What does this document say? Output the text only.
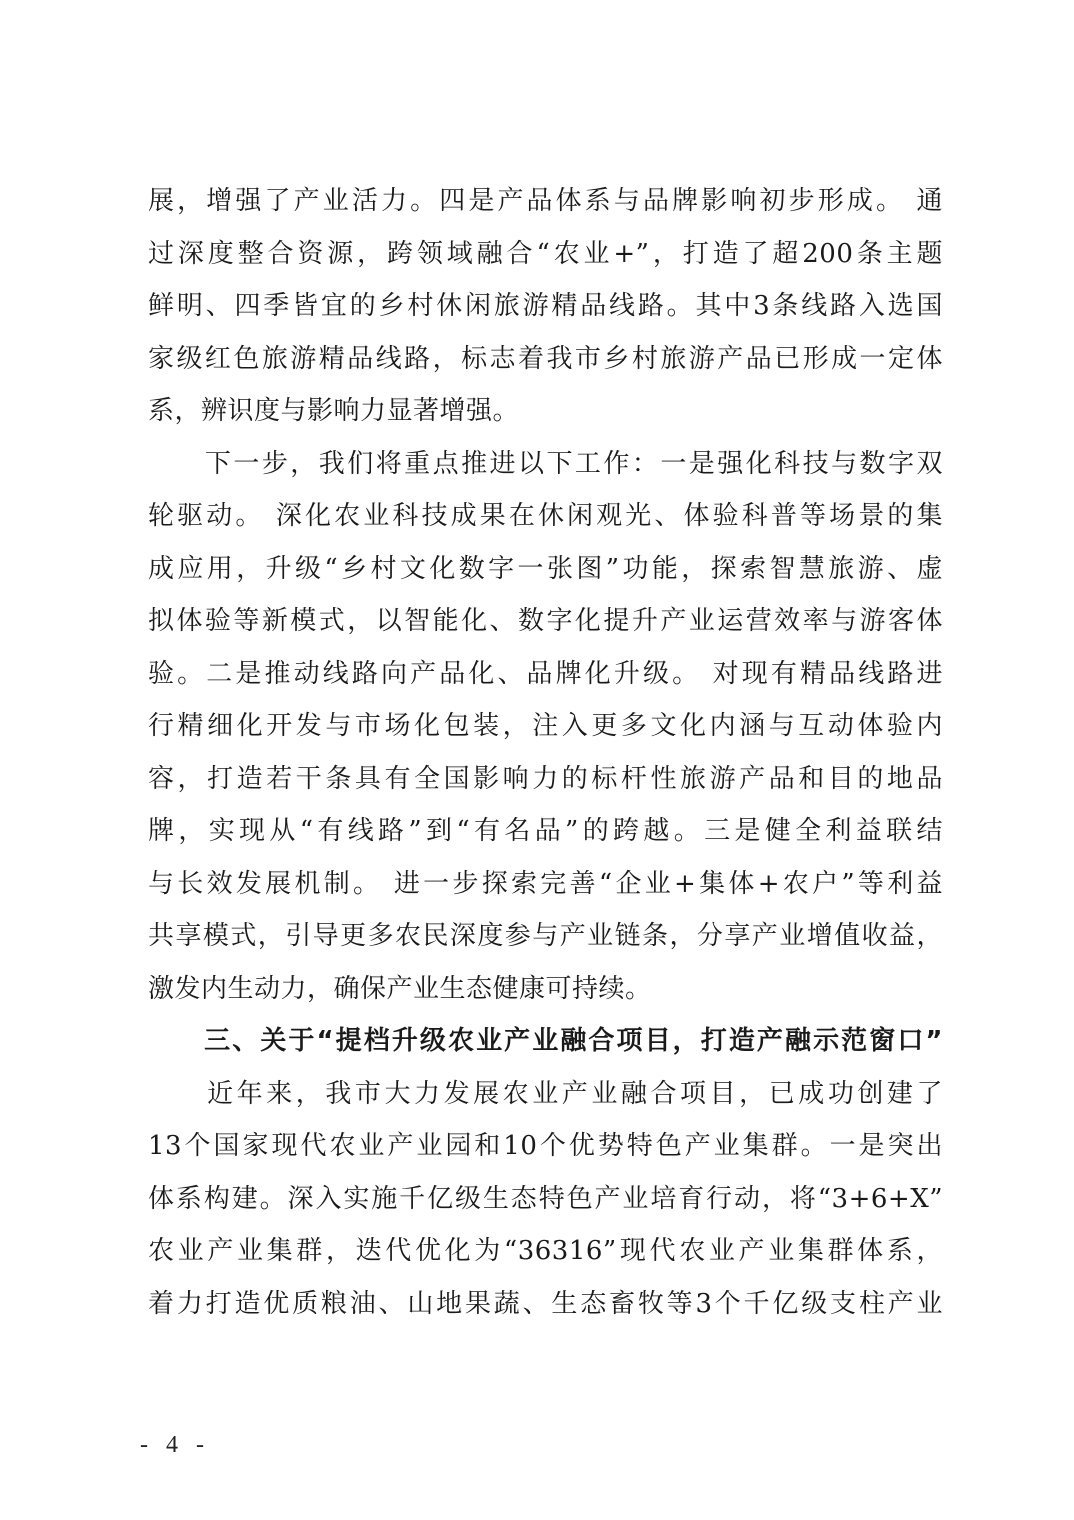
展，增强了产业活力。四是产品体系与品牌影响初步形成。 通
过深度整合资源，跨领域融合“农业+”，打造了超200条主题
鲜明、四季皆宜的乡村休闲旅游精品线路。其中3条线路入选国
家级红色旅游精品线路，标志着我市乡村旅游产品已形成一定体
系，辨识度与影响力显著增强。
　　下一步，我们将重点推进以下工作：一是强化科技与数字双
轮驱动。 深化农业科技成果在休闲观光、体验科普等场景的集
成应用，升级“乡村文化数字一张图”功能，探索智慧旅游、虚
拟体验等新模式，以智能化、数字化提升产业运营效率与游客体
验。二是推动线路向产品化、品牌化升级。 对现有精品线路进
行精细化开发与市场化包装，注入更多文化内涵与互动体验内
容，打造若干条具有全国影响力的标杆性旅游产品和目的地品
牌，实现从“有线路”到“有名品”的跨越。三是健全利益联结
与长效发展机制。 进一步探索完善“企业+集体+农户”等利益
共享模式，引导更多农民深度参与产业链条，分享产业增值收益，
激发内生动力，确保产业生态健康可持续。
　　三、关于“提档升级农业产业融合项目，打造产融示范窗口”
　　近年来，我市大力发展农业产业融合项目，已成功创建了
13个国家现代农业产业园和10个优势特色产业集群。一是突出
体系构建。深入实施千亿级生态特色产业培育行动，将“3+6+X”
农业产业集群，迭代优化为“36316”现代农业产业集群体系，
着力打造优质粮油、山地果蔬、生态畜牧等3个千亿级支柱产业
- 4 -
